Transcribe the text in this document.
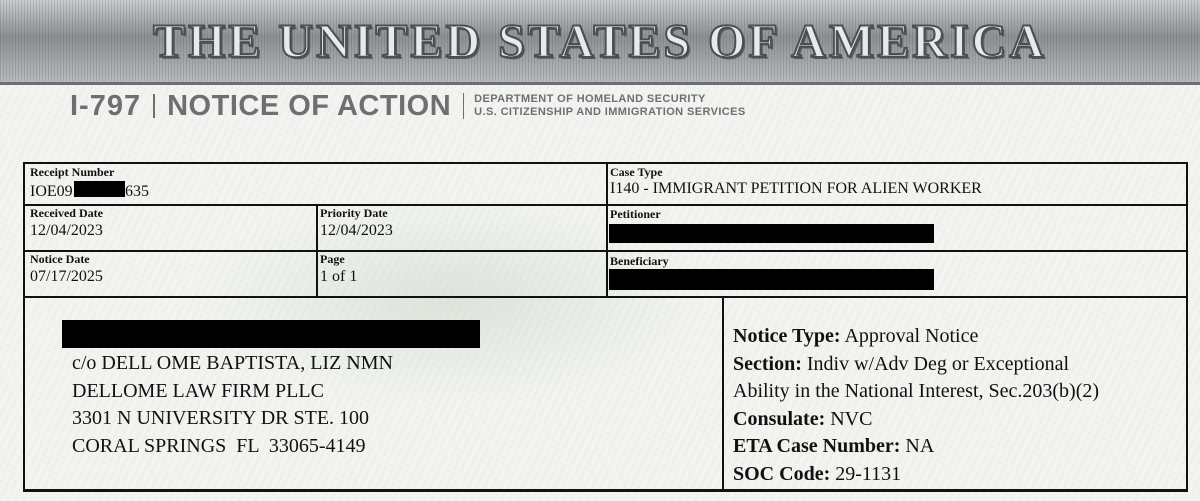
THE UNITED STATES OF AMERICA
I-797 NOTICE OF ACTION DEPARTMENT OF HOMELAND SECURITY
U.S. CITIZENSHIP AND IMMIGRATION SERVICES
Receipt Number
IOE09	635
Case Type
I140 - IMMIGRANT PETITION FOR ALIEN WORKER
Received Date
12/04/2023
Priority Date
12/04/2023
Petitioner
Notice Date
07/17/2025
Page
1 of 1
Beneficiary
c/o DELL OME BAPTISTA, LIZ NMN
DELLOME LAW FIRM PLLC
3301 N UNIVERSITY DR STE. 100
CORAL SPRINGS  FL  33065-4149
Notice Type: Approval Notice
Section: Indiv w/Adv Deg or Exceptional
Ability in the National Interest, Sec.203(b)(2)
Consulate: NVC
ETA Case Number: NA
SOC Code: 29-1131
